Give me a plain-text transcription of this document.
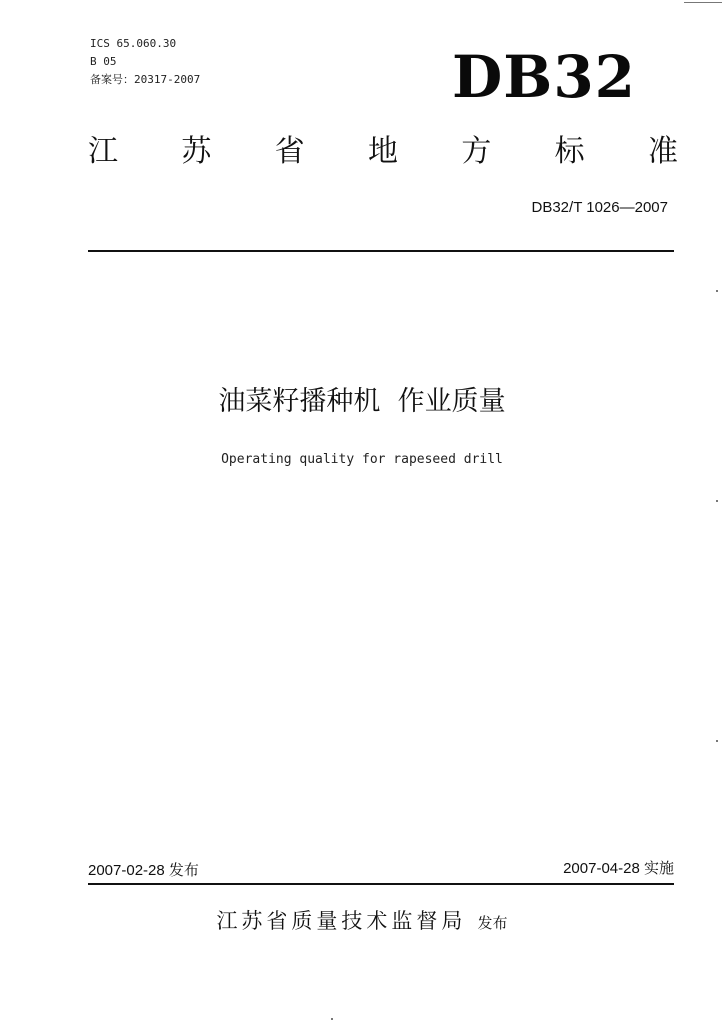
ICS 65.060.30
B 05
备案号：20317-2007	DB32
江 苏 省 地 方 标 准
DB32/T 1026—2007
油菜籽播种机  作业质量
Operating quality for rapeseed drill
2007-02-28 发布	2007-04-28 实施
江苏省质量技术监督局 发布
